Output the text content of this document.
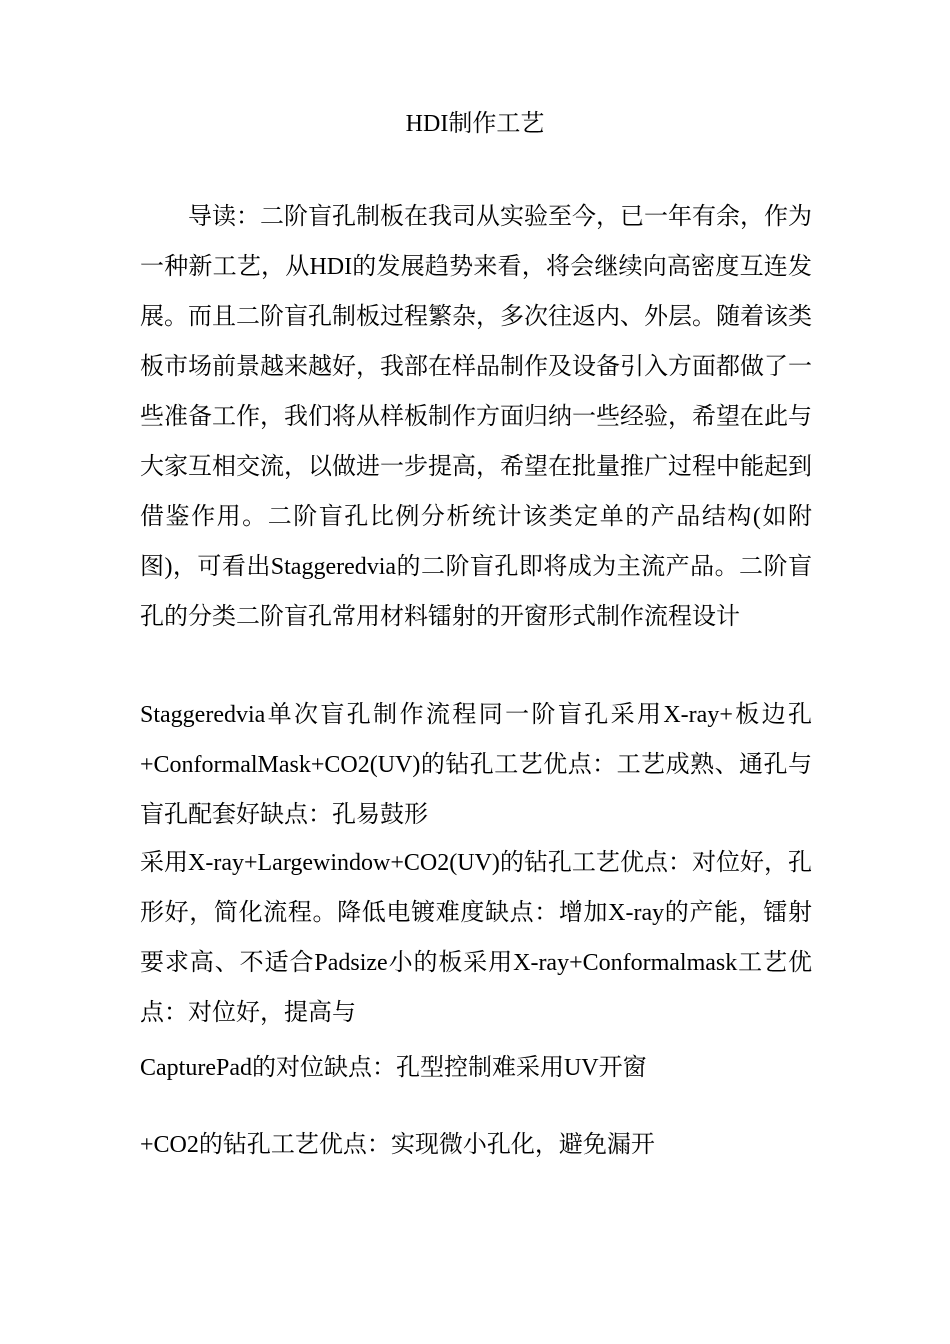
HDI制作工艺

导读：二阶盲孔制板在我司从实验至今，已一年有余，作为一种新工艺，从HDI的发展趋势来看，将会继续向高密度互连发展。而且二阶盲孔制板过程繁杂，多次往返内、外层。随着该类板市场前景越来越好，我部在样品制作及设备引入方面都做了一些准备工作，我们将从样板制作方面归纳一些经验，希望在此与大家互相交流，以做进一步提高，希望在批量推广过程中能起到借鉴作用。二阶盲孔比例分析统计该类定单的产品结构(如附图)，可看出Staggeredvia的二阶盲孔即将成为主流产品。二阶盲孔的分类二阶盲孔常用材料镭射的开窗形式制作流程设计

Staggeredvia单次盲孔制作流程同一阶盲孔采用X-ray+板边孔+ConformalMask+CO2(UV)的钻孔工艺优点：工艺成熟、通孔与盲孔配套好缺点：孔易鼓形

采用X-ray+Largewindow+CO2(UV)的钻孔工艺优点：对位好，孔形好，简化流程。降低电镀难度缺点：增加X-ray的产能，镭射要求高、不适合Padsize小的板采用X-ray+Conformalmask工艺优点：对位好，提高与

CapturePad的对位缺点：孔型控制难采用UV开窗
+CO2的钻孔工艺优点：实现微小孔化，避免漏开
